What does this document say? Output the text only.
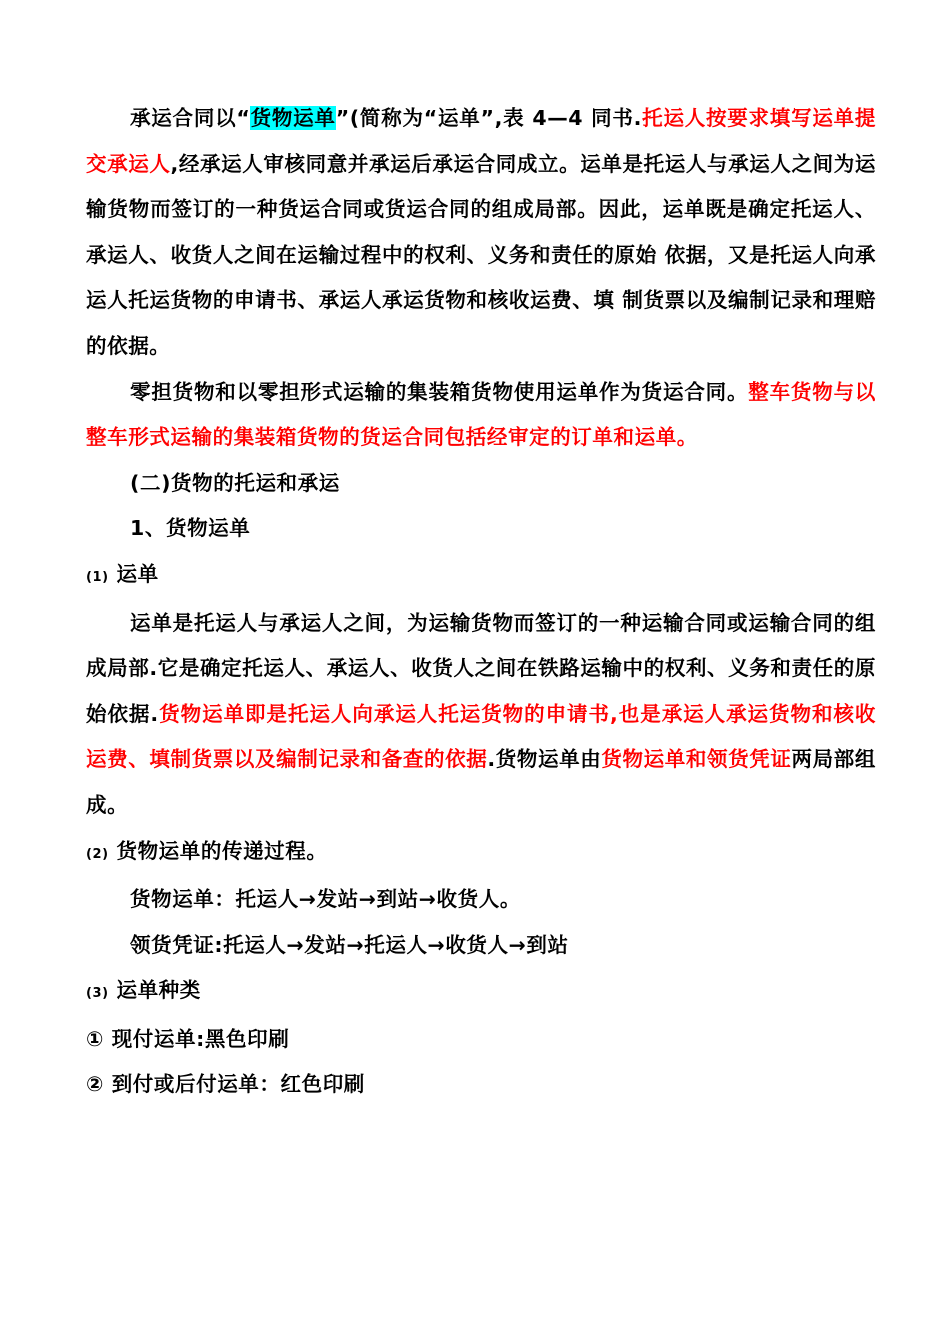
承运合同以“货物运单”(简称为“运单”,表 4—4 同书.托运人按要求填写运单提交承运人,经承运人审核同意并承运后承运合同成立。运单是托运人与承运人之间为运输货物而签订的一种货运合同或货运合同的组成局部。因此，运单既是确定托运人、承运人、收货人之间在运输过程中的权利、义务和责任的原始 依据，又是托运人向承运人托运货物的申请书、承运人承运货物和核收运费、填 制货票以及编制记录和理赔的依据。

零担货物和以零担形式运输的集装箱货物使用运单作为货运合同。整车货物与以整车形式运输的集装箱货物的货运合同包括经审定的订单和运单。

(二)货物的托运和承运

1、货物运单

(1) 运单

运单是托运人与承运人之间，为运输货物而签订的一种运输合同或运输合同的组成局部.它是确定托运人、承运人、收货人之间在铁路运输中的权利、义务和责任的原始依据.货物运单即是托运人向承运人托运货物的申请书,也是承运人承运货物和核收运费、填制货票以及编制记录和备查的依据.货物运单由货物运单和领货凭证两局部组成。

(2) 货物运单的传递过程。

货物运单：托运人→发站→到站→收货人。

领货凭证:托运人→发站→托运人→收货人→到站

(3) 运单种类

① 现付运单:黑色印刷

② 到付或后付运单：红色印刷
